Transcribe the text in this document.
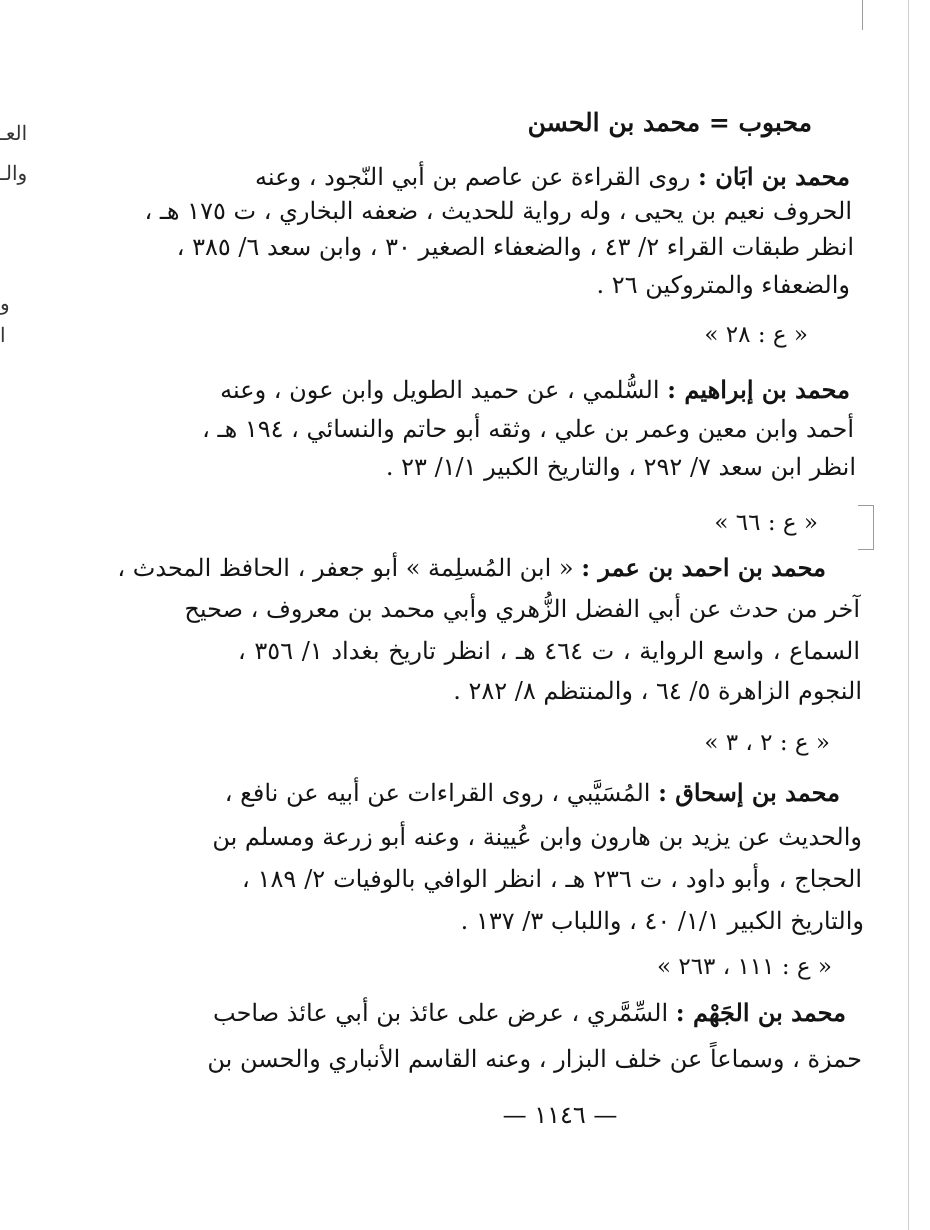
العـ
والـ
و
ا
محبوب = محمد بن الحسن
محمد بن ابَان : روى القراءة عن عاصم بن أبي النّجود ، وعنه
الحروف نعيم بن يحيى ، وله رواية للحديث ، ضعفه البخاري ، ت ١٧٥ هـ ،
انظر طبقات القراء ٢/ ٤٣ ، والضعفاء الصغير ٣٠ ، وابن سعد ٦/ ٣٨٥ ،
والضعفاء والمتروكين ٢٦ .
« ع : ٢٨ »
محمد بن إبراهيم : السُّلمي ، عن حميد الطويل وابن عون ، وعنه
أحمد وابن معين وعمر بن علي ، وثقه أبو حاتم والنسائي ، ١٩٤ هـ ،
انظر ابن سعد ٧/ ٢٩٢ ، والتاريخ الكبير ١/١/ ٢٣ .
« ع : ٦٦ »
محمد بن احمد بن عمر : « ابن المُسلِمة » أبو جعفر ، الحافظ المحدث ،
آخر من حدث عن أبي الفضل الزُّهري وأبي محمد بن معروف ، صحيح
السماع ، واسع الرواية ، ت ٤٦٤ هـ ، انظر تاريخ بغداد ١/ ٣٥٦ ،
النجوم الزاهرة ٥/ ٦٤ ، والمنتظم ٨/ ٢٨٢ .
« ع : ٢ ، ٣ »
محمد بن إسحاق : المُسَيَّبي ، روى القراءات عن أبيه عن نافع ،
والحديث عن يزيد بن هارون وابن عُيينة ، وعنه أبو زرعة ومسلم بن
الحجاج ، وأبو داود ، ت ٢٣٦ هـ ، انظر الوافي بالوفيات ٢/ ١٨٩ ،
والتاريخ الكبير ١/١/ ٤٠ ، واللباب ٣/ ١٣٧ .
« ع : ١١١ ، ٢٦٣ »
محمد بن الجَهْم : السِّمَّري ، عرض على عائذ بن أبي عائذ صاحب
حمزة ، وسماعاً عن خلف البزار ، وعنه القاسم الأنباري والحسن بن
— ١١٤٦ —
